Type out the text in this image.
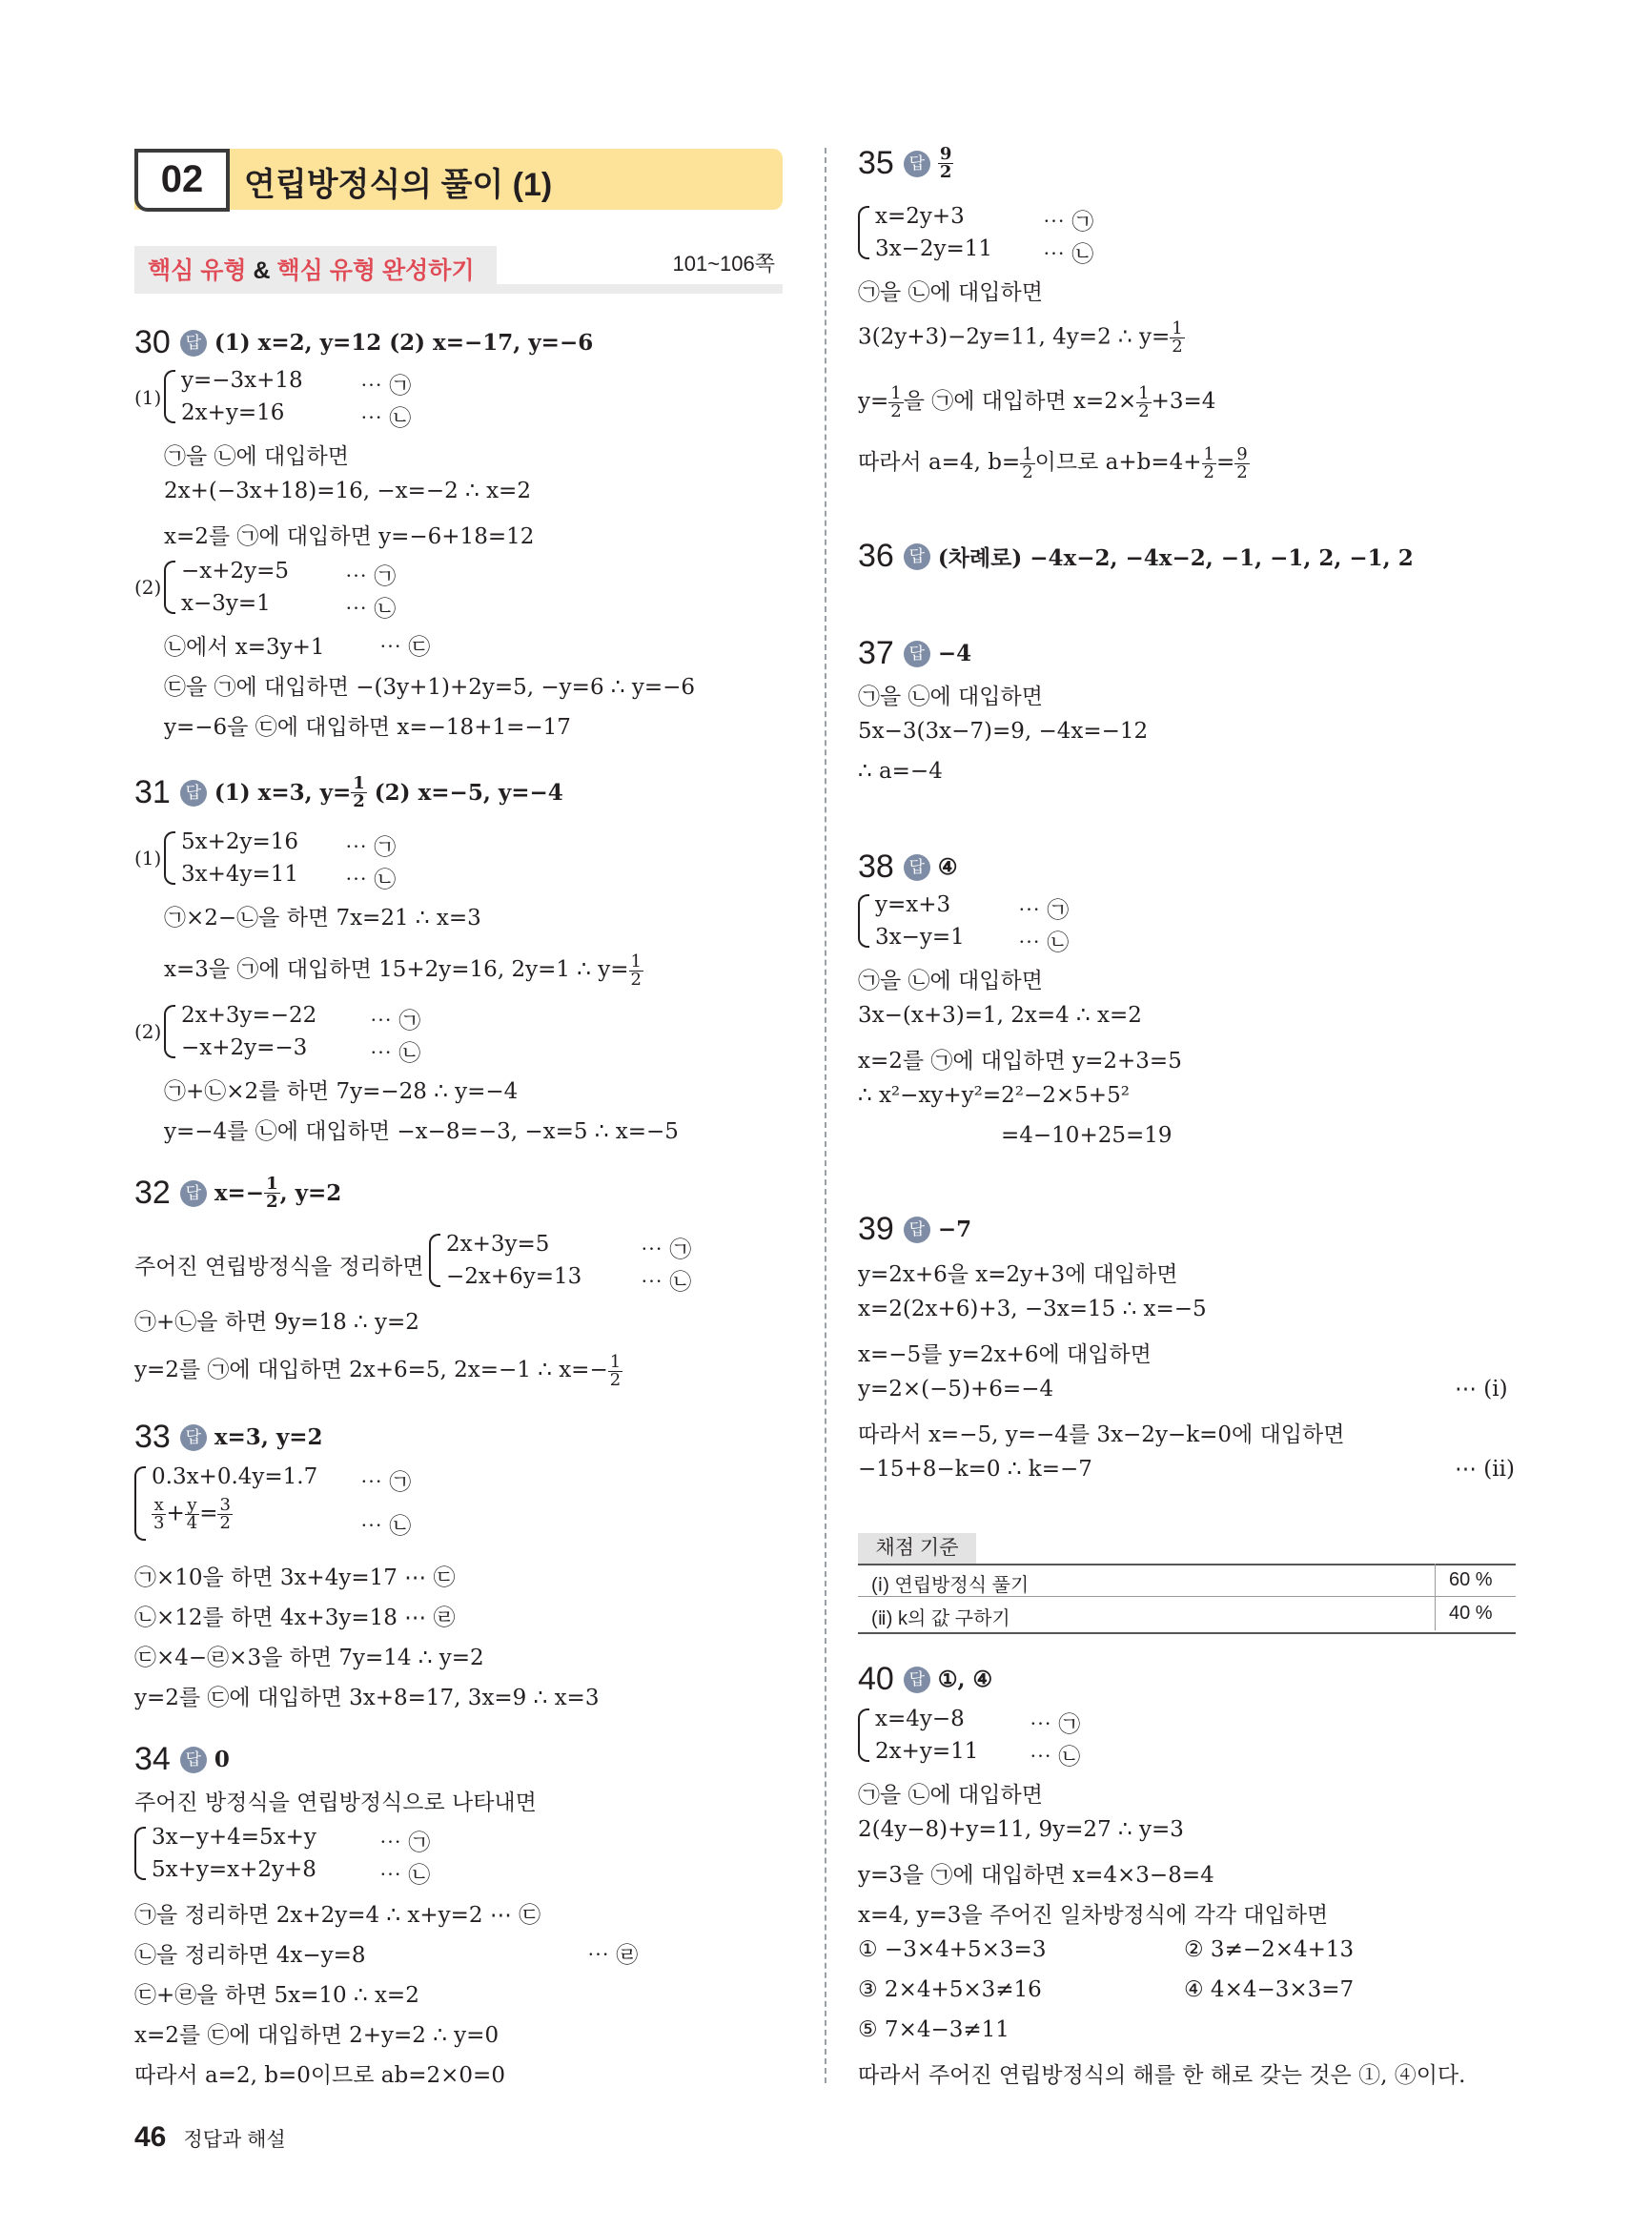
02	연립방정식의 풀이 (1)
핵심 유형 & 핵심 유형 완성하기	101~106쪽
30 답 (1) x=2, y=12 (2) x=−17, y=−6
(1)
y=−3x+18
2x+y=16
⋯ ㉠
⋯ ㉡
㉠을 ㉡에 대입하면
2x+(−3x+18)=16, −x=−2 ∴ x=2
x=2를 ㉠에 대입하면 y=−6+18=12
(2)
−x+2y=5
x−3y=1
⋯ ㉠
⋯ ㉡
㉡에서 x=3y+1 ⋯ ㉢
㉢을 ㉠에 대입하면 −(3y+1)+2y=5, −y=6 ∴ y=−6
y=−6을 ㉢에 대입하면 x=−18+1=−17
31 답 (1) x=3, $y= \frac{1}{2} (2)$ x=−5, y=−4
(1)
5x+2y=16
3x+4y=11
⋯ ㉠
⋯ ㉡
㉠×2−㉡을 하면 7x=21 ∴ x=3
x=3을 ㉠에 대입하면 15+2y=16, 2y=1 ∴ $y= \frac{1}{2}$
(2)
2x+3y=−22
−x+2y=−3
⋯ ㉠
⋯ ㉡
㉠+㉡×2를 하면 7y=−28 ∴ y=−4
y=−4를 ㉡에 대입하면 −x−8=−3, −x=5 ∴ x=−5
32 답 $x=- \frac{1}{2}$ , y=2
주어진 연립방정식을 정리하면
2x+3y=5
−2x+6y=13
⋯ ㉠
⋯ ㉡
㉠+㉡을 하면 9y=18 ∴ y=2
y=2를 ㉠에 대입하면 2x+6=5, 2x=−1 ∴ $x=- \frac{1}{2}$
33 답 x=3, y=2
0.3x+0.4y=1.7
$\frac{x}{3} + \frac{y}{4} = \frac{3}{2}$
⋯ ㉠
⋯ ㉡
㉠×10을 하면 3x+4y=17 ⋯ ㉢
㉡×12를 하면 4x+3y=18 ⋯ ㉣
㉢×4−㉣×3을 하면 7y=14 ∴ y=2
y=2를 ㉢에 대입하면 3x+8=17, 3x=9 ∴ x=3
34 답 0
주어진 방정식을 연립방정식으로 나타내면
3x−y+4=5x+y
5x+y=x+2y+8
⋯ ㉠
⋯ ㉡
㉠을 정리하면 2x+2y=4 ∴ x+y=2 ⋯ ㉢
㉡을 정리하면 4x−y=8	⋯ ㉣
㉢+㉣을 하면 5x=10 ∴ x=2
x=2를 ㉢에 대입하면 2+y=2 ∴ y=0
따라서 a=2, b=0이므로 ab=2×0=0
35 답 $\frac{9}{2}$
x=2y+3
3x−2y=11
⋯ ㉠
⋯ ㉡
㉠을 ㉡에 대입하면
3(2y+3)−2y=11, 4y=2 ∴ $y= \frac{1}{2}$
$y= \frac{1}{2}$ 을 ㉠에 대입하면 $x=2\times \frac{1}{2} +3=4$
따라서 a=4, $b= \frac{1}{2}$ 이므로 $a+b=4+ \frac{1}{2} = \frac{9}{2}$
36 답 (차례로) −4x−2, −4x−2, −1, −1, 2, −1, 2
37 답 −4
㉠을 ㉡에 대입하면
5x−3(3x−7)=9, −4x=−12
∴ a=−4
38 답 ④
y=x+3
3x−y=1
⋯ ㉠
⋯ ㉡
㉠을 ㉡에 대입하면
3x−(x+3)=1, 2x=4 ∴ x=2
x=2를 ㉠에 대입하면 y=2+3=5
∴ x²−xy+y²=2²−2×5+5²
=4−10+25=19
39 답 −7
y=2x+6을 x=2y+3에 대입하면
x=2(2x+6)+3, −3x=15 ∴ x=−5
x=−5를 y=2x+6에 대입하면
y=2×(−5)+6=−4	⋯ (ⅰ)
따라서 x=−5, y=−4를 3x−2y−k=0에 대입하면
−15+8−k=0 ∴ k=−7	⋯ (ⅱ)
채점 기준
(ⅰ) 연립방정식 풀기	60 %
(ⅱ) k의 값 구하기	40 %
40 답 ①, ④
x=4y−8
2x+y=11
⋯ ㉠
⋯ ㉡
㉠을 ㉡에 대입하면
2(4y−8)+y=11, 9y=27 ∴ y=3
y=3을 ㉠에 대입하면 x=4×3−8=4
x=4, y=3을 주어진 일차방정식에 각각 대입하면
① −3×4+5×3=3	② 3≠−2×4+13
③ 2×4+5×3≠16	④ 4×4−3×3=7
⑤ 7×4−3≠11
따라서 주어진 연립방정식의 해를 한 해로 갖는 것은 ①, ④이다.
46 정답과 해설
